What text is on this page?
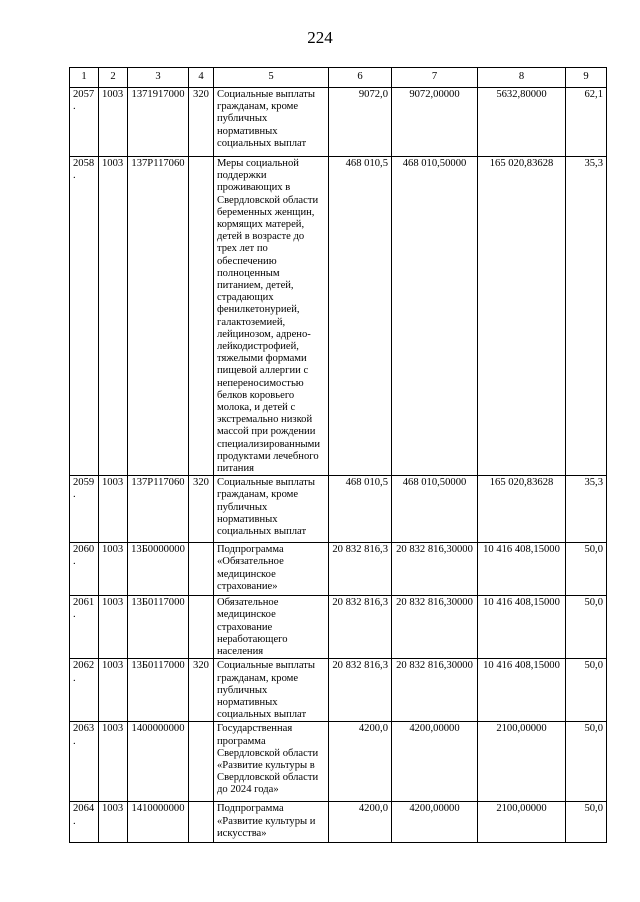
224
1	2	3	4	5	6	7	8	9
2057.	1003	1371917000	320	Социальные выплаты гражданам, кроме публичных нормативных социальных выплат	9072,0	9072,00000	5632,80000	62,1
2058.	1003	137P117060		Меры социальной поддержки проживающих в Свердловской области беременных женщин, кормящих матерей, детей в возрасте до трех лет по обеспечению полноценным питанием, детей, страдающих фенилкетонурией, галактоземией, лейцинозом, адрено-лейкодистрофией, тяжелыми формами пищевой аллергии с непереносимостью белков коровьего молока, и детей с экстремально низкой массой при рождении специализированными продуктами лечебного питания	468 010,5	468 010,50000	165 020,83628	35,3
2059.	1003	137P117060	320	Социальные выплаты гражданам, кроме публичных нормативных социальных выплат	468 010,5	468 010,50000	165 020,83628	35,3
2060.	1003	13Б0000000		Подпрограмма «Обязательное медицинское страхование»	20 832 816,3	20 832 816,30000	10 416 408,15000	50,0
2061.	1003	13Б0117000		Обязательное медицинское страхование неработающего населения	20 832 816,3	20 832 816,30000	10 416 408,15000	50,0
2062.	1003	13Б0117000	320	Социальные выплаты гражданам, кроме публичных нормативных социальных выплат	20 832 816,3	20 832 816,30000	10 416 408,15000	50,0
2063.	1003	1400000000		Государственная программа Свердловской области «Развитие культуры в Свердловской области до 2024 года»	4200,0	4200,00000	2100,00000	50,0
2064.	1003	1410000000		Подпрограмма «Развитие культуры и искусства»	4200,0	4200,00000	2100,00000	50,0
